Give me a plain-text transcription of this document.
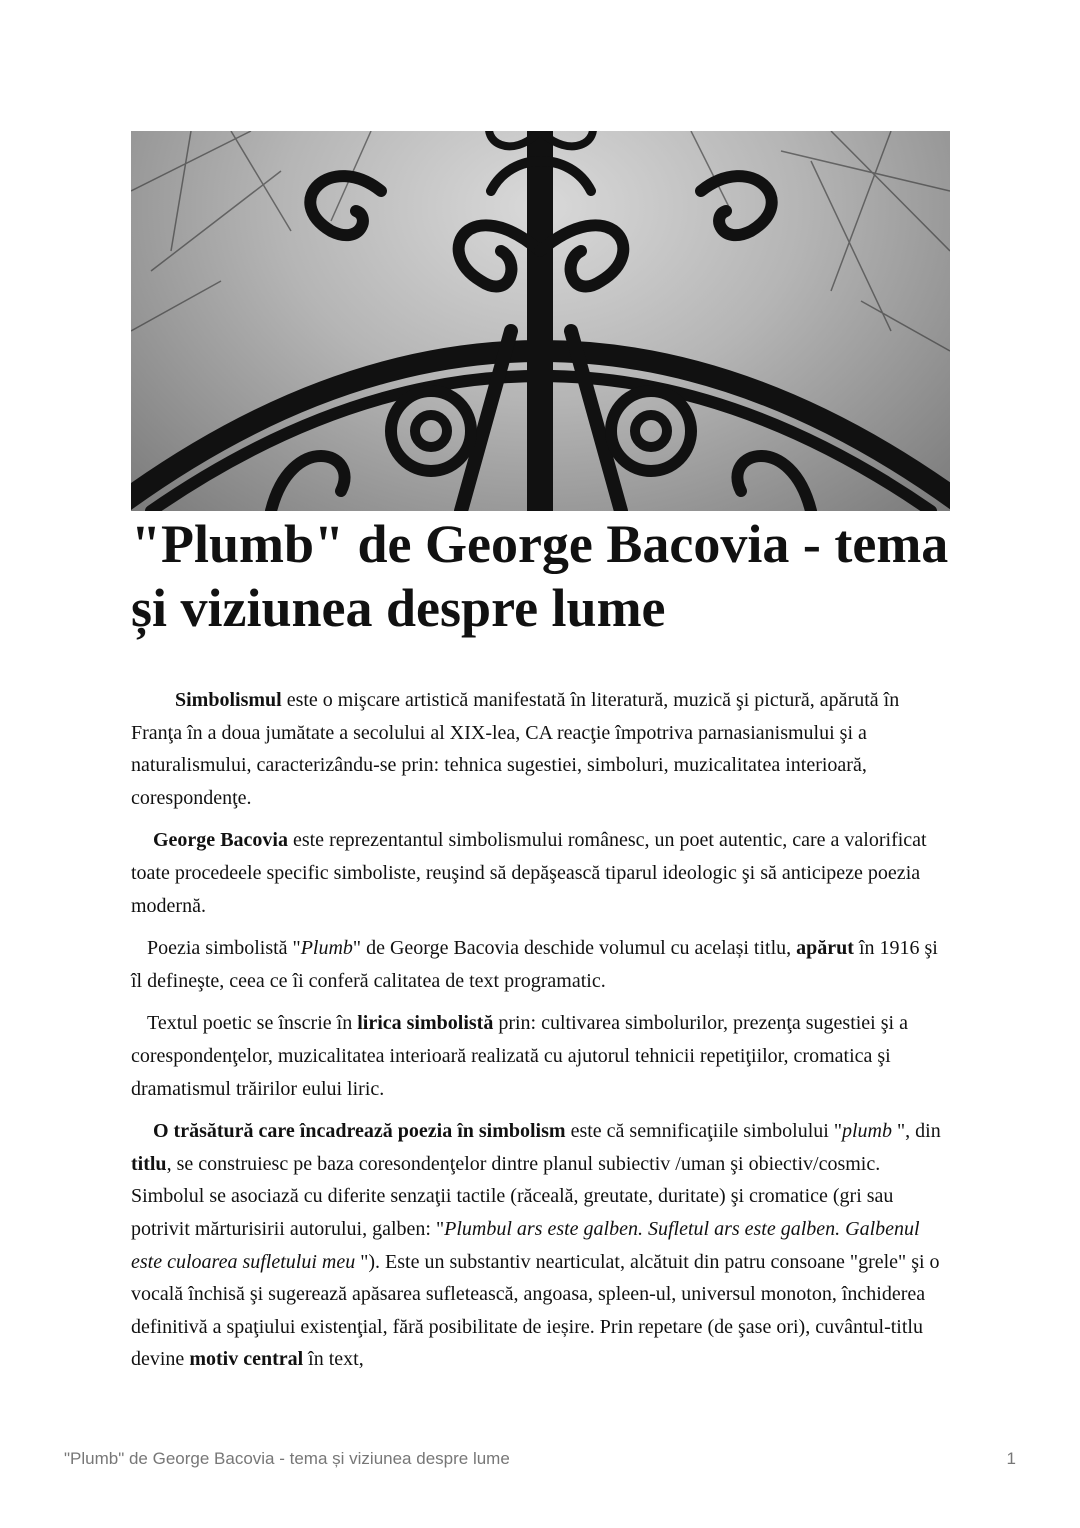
"Plumb" de George Bacovia - tema și viziunea despre lume

Simbolismul este o mişcare artistică manifestată în literatură, muzică şi pictură, apărută în Franţa în a doua jumătate a secolului al XIX-lea, CA reacţie împotriva parnasianismului şi a naturalismului, caracterizându-se prin: tehnica sugestiei, simboluri, muzicalitatea interioară, corespondenţe.

George Bacovia este reprezentantul simbolismului românesc, un poet autentic, care a valorificat toate procedeele specific simboliste, reuşind să depăşească tiparul ideologic şi să anticipeze poezia modernă.

Poezia simbolistă "Plumb" de George Bacovia deschide volumul cu același titlu, apărut în 1916 şi îl defineşte, ceea ce îi conferă calitatea de text programatic.

Textul poetic se înscrie în lirica simbolistă prin: cultivarea simbolurilor, prezenţa sugestiei şi a corespondenţelor, muzicalitatea interioară realizată cu ajutorul tehnicii repetiţiilor, cromatica şi dramatismul trăirilor eului liric.

O trăsătură care încadrează poezia în simbolism este că semnificaţiile simbolului "plumb ", din titlu, se construiesc pe baza coresondenţelor dintre planul subiectiv /uman şi obiectiv/cosmic. Simbolul se asociază cu diferite senzaţii tactile (răceală, greutate, duritate) şi cromatice (gri sau potrivit mărturisirii autorului, galben: "Plumbul ars este galben. Sufletul ars este galben. Galbenul este culoarea sufletului meu "). Este un substantiv nearticulat, alcătuit din patru consoane "grele" şi o vocală închisă şi sugerează apăsarea sufletească, angoasa, spleen-ul, universul monoton, închiderea definitivă a spaţiului existenţial, fără posibilitate de ieșire. Prin repetare (de şase ori), cuvântul-titlu devine motiv central în text,

"Plumb" de George Bacovia - tema și viziunea despre lume	1
